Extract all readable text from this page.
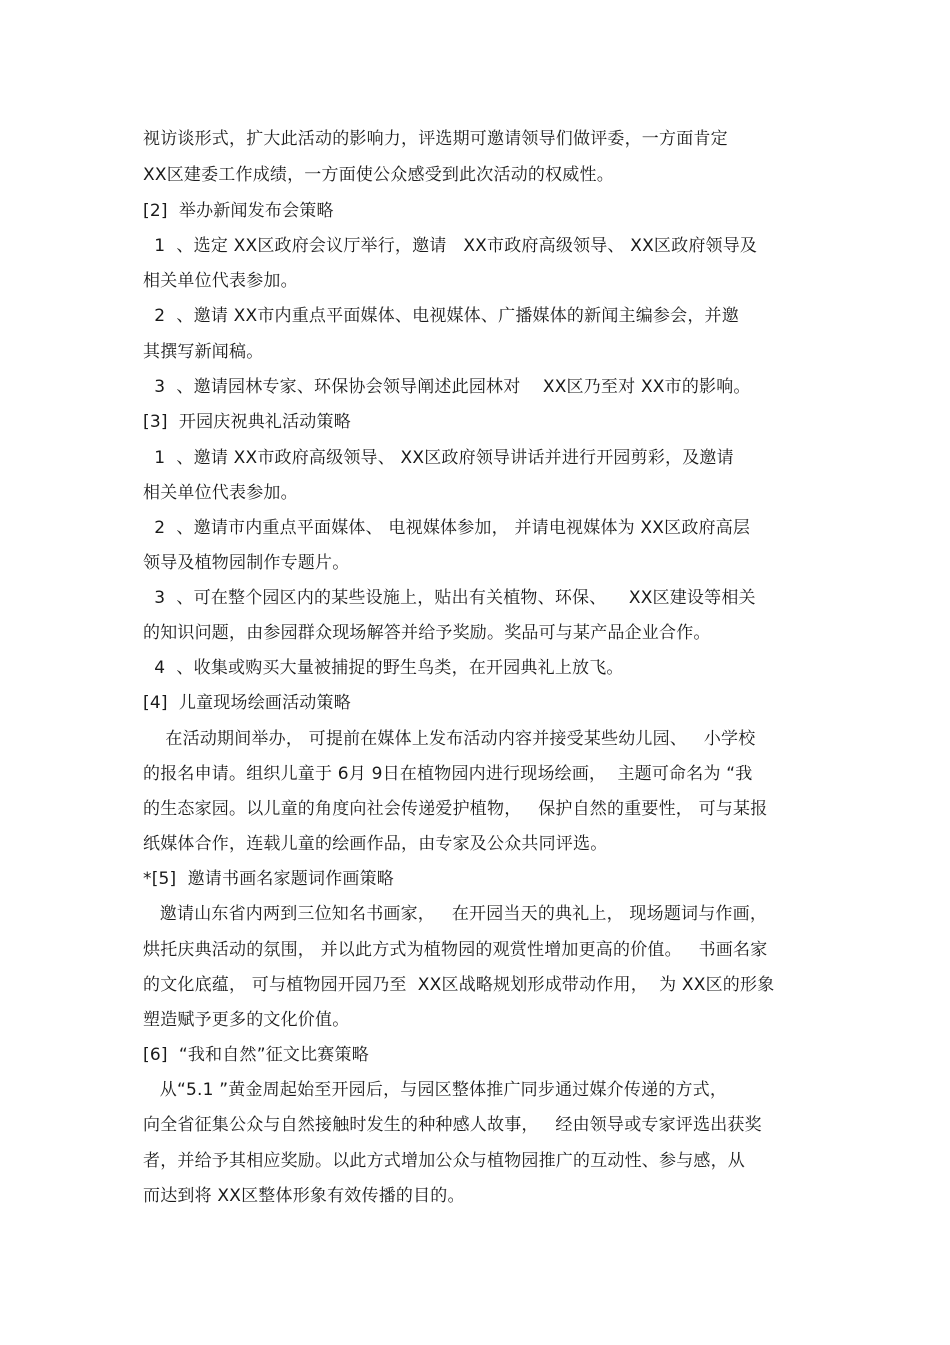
视访谈形式，扩大此活动的影响力，评选期可邀请领导们做评委，一方面肯定
XX区建委工作成绩，一方面使公众感受到此次活动的权威性。
[2]  举办新闻发布会策略
1  、选定 XX区政府会议厅举行，邀请   XX市政府高级领导、 XX区政府领导及
相关单位代表参加。
2  、邀请 XX市内重点平面媒体、电视媒体、广播媒体的新闻主编参会，并邀
其撰写新闻稿。
3  、邀请园林专家、环保协会领导阐述此园林对    XX区乃至对 XX市的影响。
[3]  开园庆祝典礼活动策略
1  、邀请 XX市政府高级领导、 XX区政府领导讲话并进行开园剪彩，及邀请
相关单位代表参加。
2  、邀请市内重点平面媒体、 电视媒体参加， 并请电视媒体为 XX区政府高层
领导及植物园制作专题片。
3  、可在整个园区内的某些设施上，贴出有关植物、环保、    XX区建设等相关
的知识问题，由参园群众现场解答并给予奖励。奖品可与某产品企业合作。
4  、收集或购买大量被捕捉的野生鸟类，在开园典礼上放飞。
[4]  儿童现场绘画活动策略
在活动期间举办， 可提前在媒体上发布活动内容并接受某些幼儿园、   小学校
的报名申请。组织儿童于 6月 9日在植物园内进行现场绘画，  主题可命名为 “我
的生态家园。以儿童的角度向社会传递爱护植物，   保护自然的重要性， 可与某报
纸媒体合作，连载儿童的绘画作品，由专家及公众共同评选。
*[5]  邀请书画名家题词作画策略
邀请山东省内两到三位知名书画家，   在开园当天的典礼上， 现场题词与作画，
烘托庆典活动的氛围， 并以此方式为植物园的观赏性增加更高的价值。   书画名家
的文化底蕴， 可与植物园开园乃至  XX区战略规划形成带动作用，  为 XX区的形象
塑造赋予更多的文化价值。
[6]  “我和自然”征文比赛策略
从“5.1 ”黄金周起始至开园后，与园区整体推广同步通过媒介传递的方式，
向全省征集公众与自然接触时发生的种种感人故事，   经由领导或专家评选出获奖
者，并给予其相应奖励。以此方式增加公众与植物园推广的互动性、参与感，从
而达到将 XX区整体形象有效传播的目的。
